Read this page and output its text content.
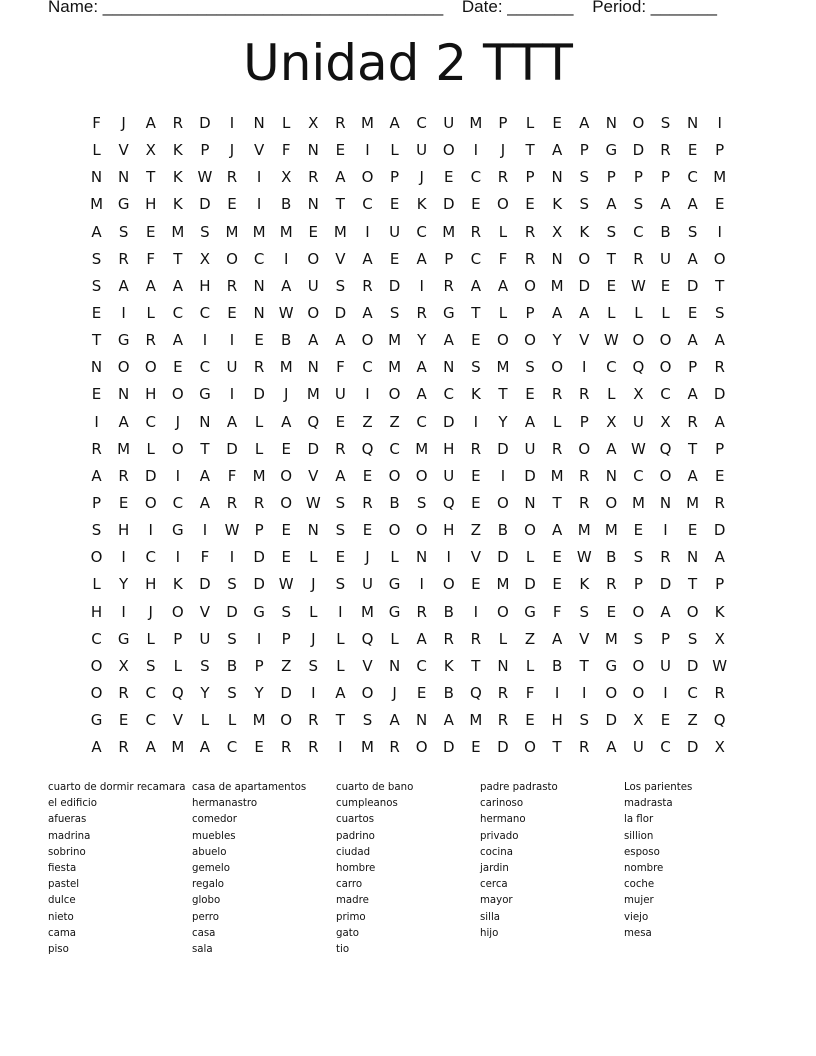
Name: ____________________________________ Date: _______ Period: _______
Unidad 2 TTT
F	J	A	R	D	I	N	L	X	R	M	A	C	U	M	P	L	E	A	N	O	S	N	I
L	V	X	K	P	J	V	F	N	E	I	L	U	O	I	J	T	A	P	G	D	R	E	P
N	N	T	K W R	I	X	R	A	O	P	J	E	C	R	P	N	S	P	P	P	C	M
M G	H	K	D	E	I	B	N	T	C	E	K	D	E	O	E	K	S	A	S	A	A	E
A	S	E	M	S	M M M	E	M	I	U	C	M	R	L	R	X	K	S	C	B	S	I
S	R	F	T	X	O	C	I	O	V	A	E	A	P	C	F	R	N	O	T	R	U	A	O
S	A	A	A	H	R	N	A	U	S	R	D	I	R	A	A	O M D	E W E	D	T
E	I	L	C	C	E	N W O	D	A	S	R	G	T	L	P	A	A	L	L	L	E	S
T	G	R	A	I	I	E	B	A	A	O M	Y	A	E	O	O	Y	V W O	O	A	A
N	O	O	E	C	U	R	M	N	F	C	M	A	N	S	M	S	O	I	C	Q	O	P	R
E	N	H	O	G	I	D	J	M	U	I	O	A	C	K	T	E	R	R	L	X	C	A	D
I	A	C	J	N	A	L	A	Q	E	Z	Z	C	D	I	Y	A	L	P	X	U	X	R	A
R	M	L	O	T	D	L	E	D	R	Q	C	M H	R	D	U	R	O	A W Q	T	P
A	R	D	I	A	F	M O	V	A	E	O	O	U	E	I	D M	R	N	C	O	A	E
P	E	O	C	A	R	R	O W S	R	B	S	Q	E	O	N	T	R	O M	N	M	R
S	H	I	G	I	W	P	E	N	S	E	O	O	H	Z	B	O	A	M M	E	I	E	D
O	I	C	I	F	I	D	E	L	E	J	L	N	I	V	D	L	E W B	S	R	N	A
L	Y	H	K	D	S	D W	J	S	U	G	I	O	E	M D	E	K	R	P	D	T	P
H	I	J	O	V	D	G	S	L	I	M G	R	B	I	O	G	F	S	E	O	A	O	K
C	G	L	P	U	S	I	P	J	L	Q	L	A	R	R	L	Z	A	V	M	S	P	S	X
O	X	S	L	S	B	P	Z	S	L	V	N	C	K	T	N	L	B	T	G	O	U	D W
O	R	C	Q	Y	S	Y	D	I	A	O	J	E	B	Q	R	F	I	I	O	O	I	C	R
G	E	C	V	L	L	M O	R	T	S	A	N	A	M	R	E	H	S	D	X	E	Z	Q
A	R	A	M	A	C	E	R	R	I	M	R	O	D	E	D	O	T	R	A	U	C	D	X
cuarto de dormir recamara
el edificio
afueras
madrina
sobrino
fiesta
pastel
dulce
nieto
cama
piso
casa de apartamentos
hermanastro
comedor
muebles
abuelo
gemelo
regalo
globo
perro
casa
sala
cuarto de bano
cumpleanos
cuartos
padrino
ciudad
hombre
carro
madre
primo
gato
tio
padre padrasto
carinoso
hermano
privado
cocina
jardin
cerca
mayor
silla
hijo
Los parientes
madrasta
la flor
sillion
esposo
nombre
coche
mujer
viejo
mesa
